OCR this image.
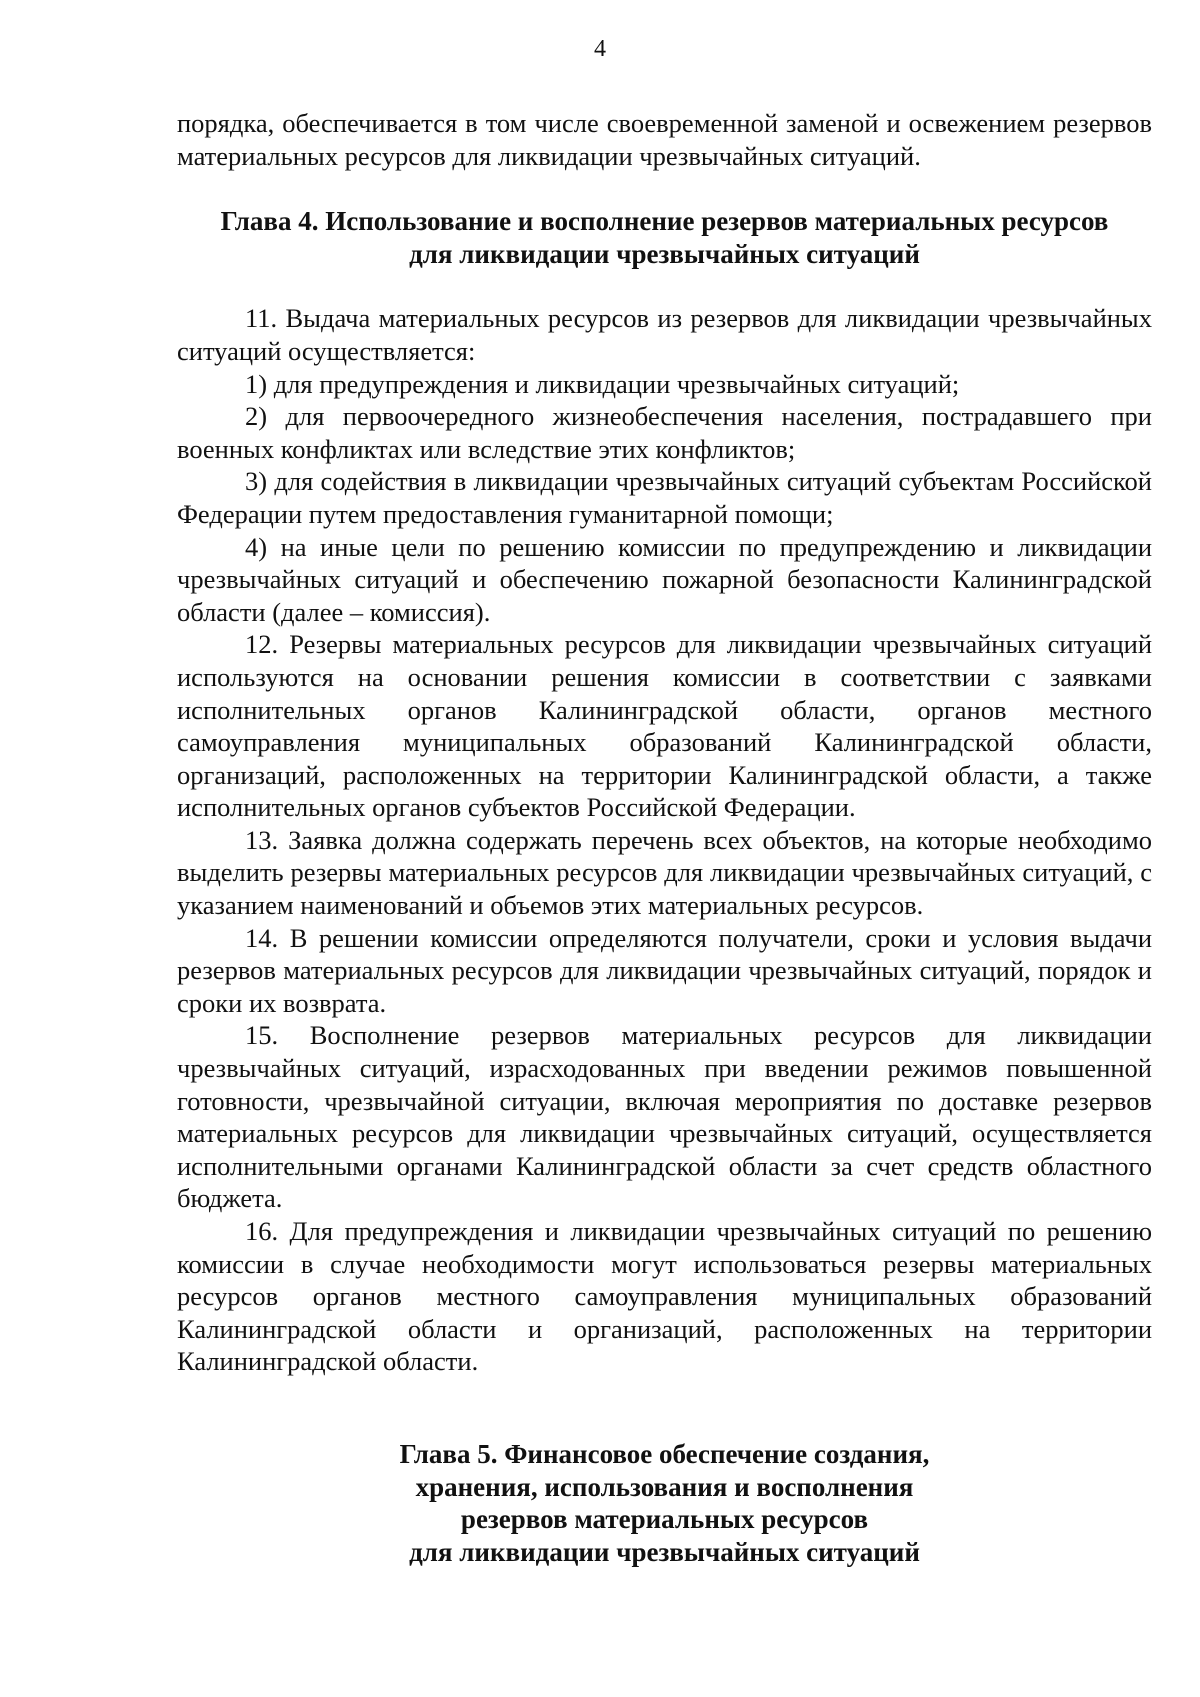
4

порядка, обеспечивается в том числе своевременной заменой и освежением резервов материальных ресурсов для ликвидации чрезвычайных ситуаций.

Глава 4. Использование и восполнение резервов материальных ресурсов
для ликвидации чрезвычайных ситуаций

11. Выдача материальных ресурсов из резервов для ликвидации чрезвычайных ситуаций осуществляется:

1) для предупреждения и ликвидации чрезвычайных ситуаций;

2) для первоочередного жизнеобеспечения населения, пострадавшего при военных конфликтах или вследствие этих конфликтов;

3) для содействия в ликвидации чрезвычайных ситуаций субъектам Российской Федерации путем предоставления гуманитарной помощи;

4) на иные цели по решению комиссии по предупреждению и ликвидации чрезвычайных ситуаций и обеспечению пожарной безопасности Калининградской области (далее – комиссия).

12. Резервы материальных ресурсов для ликвидации чрезвычайных ситуаций используются на основании решения комиссии в соответствии с заявками исполнительных органов Калининградской области, органов местного самоуправления муниципальных образований Калининградской области, организаций, расположенных на территории Калининградской области, а также исполнительных органов субъектов Российской Федерации.

13. Заявка должна содержать перечень всех объектов, на которые необходимо выделить резервы материальных ресурсов для ликвидации чрезвычайных ситуаций, с указанием наименований и объемов этих материальных ресурсов.

14. В решении комиссии определяются получатели, сроки и условия выдачи резервов материальных ресурсов для ликвидации чрезвычайных ситуаций, порядок и сроки их возврата.

15. Восполнение резервов материальных ресурсов для ликвидации чрезвычайных ситуаций, израсходованных при введении режимов повышенной готовности, чрезвычайной ситуации, включая мероприятия по доставке резервов материальных ресурсов для ликвидации чрезвычайных ситуаций, осуществляется исполнительными органами Калининградской области за счет средств областного бюджета.

16. Для предупреждения и ликвидации чрезвычайных ситуаций по решению комиссии в случае необходимости могут использоваться резервы материальных ресурсов органов местного самоуправления муниципальных образований Калининградской области и организаций, расположенных на территории Калининградской области.

Глава 5. Финансовое обеспечение создания,
хранения, использования и восполнения
резервов материальных ресурсов
для ликвидации чрезвычайных ситуаций
